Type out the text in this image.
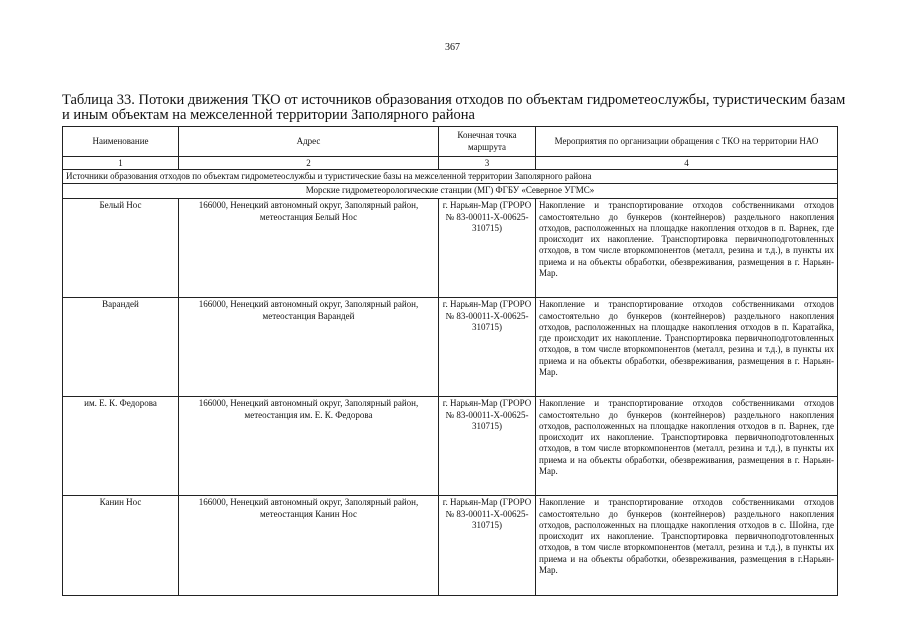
367
Таблица 33. Потоки движения ТКО от источников образования отходов по объектам гидрометеослужбы, туристическим базам и иным объектам на межселенной территории Заполярного района
Наименование	Адрес	Конечная точка маршрута	Мероприятия по организации обращения с ТКО на территории НАО
1	2	3	4
Источники образования отходов по объектам гидрометеослужбы и туристические базы на межселенной территории Заполярного района			
Морские гидрометеорологические станции (МГ) ФГБУ «Северное УГМС»			
Белый Нос	166000, Ненецкий автономный округ, Заполярный район, метеостанция Белый Нос	г. Нарьян-Мар (ГРОРО № 83-00011-Х-00625-310715)	Накопление и транспортирование отходов собственниками отходов самостоятельно до бункеров (контейнеров) раздельного накопления отходов, расположенных на площадке накопления отходов в п. Варнек, где происходит их накопление. Транспортировка первичноподготовленных отходов, в том числе вторкомпонентов (металл, резина и т.д.), в пункты их приема и на объекты обработки, обезвреживания, размещения в г. Нарьян-Мар.
Варандей	166000, Ненецкий автономный округ, Заполярный район, метеостанция Варандей	г. Нарьян-Мар (ГРОРО № 83-00011-Х-00625-310715)	Накопление и транспортирование отходов собственниками отходов самостоятельно до бункеров (контейнеров) раздельного накопления отходов, расположенных на площадке накопления отходов в п. Каратайка, где происходит их накопление. Транспортировка первичноподготовленных отходов, в том числе вторкомпонентов (металл, резина и т.д.), в пункты их приема и на объекты обработки, обезвреживания, размещения в г. Нарьян-Мар.
им. Е. К. Федорова	166000, Ненецкий автономный округ, Заполярный район, метеостанция им. Е. К. Федорова	г. Нарьян-Мар (ГРОРО № 83-00011-Х-00625-310715)	Накопление и транспортирование отходов собственниками отходов самостоятельно до бункеров (контейнеров) раздельного накопления отходов, расположенных на площадке накопления отходов в п. Варнек, где происходит их накопление. Транспортировка первичноподготовленных отходов, в том числе вторкомпонентов (металл, резина и т.д.), в пункты их приема и на объекты обработки, обезвреживания, размещения в г. Нарьян-Мар.
Канин Нос	166000, Ненецкий автономный округ, Заполярный район, метеостанция Канин Нос	г. Нарьян-Мар (ГРОРО № 83-00011-Х-00625-310715)	Накопление и транспортирование отходов собственниками отходов самостоятельно до бункеров (контейнеров) раздельного накопления отходов, расположенных на площадке накопления отходов в с. Шойна, где происходит их накопление. Транспортировка первичноподготовленных отходов, в том числе вторкомпонентов (металл, резина и т.д.), в пункты их приема и на объекты обработки, обезвреживания, размещения в г.Нарьян-Мар.
